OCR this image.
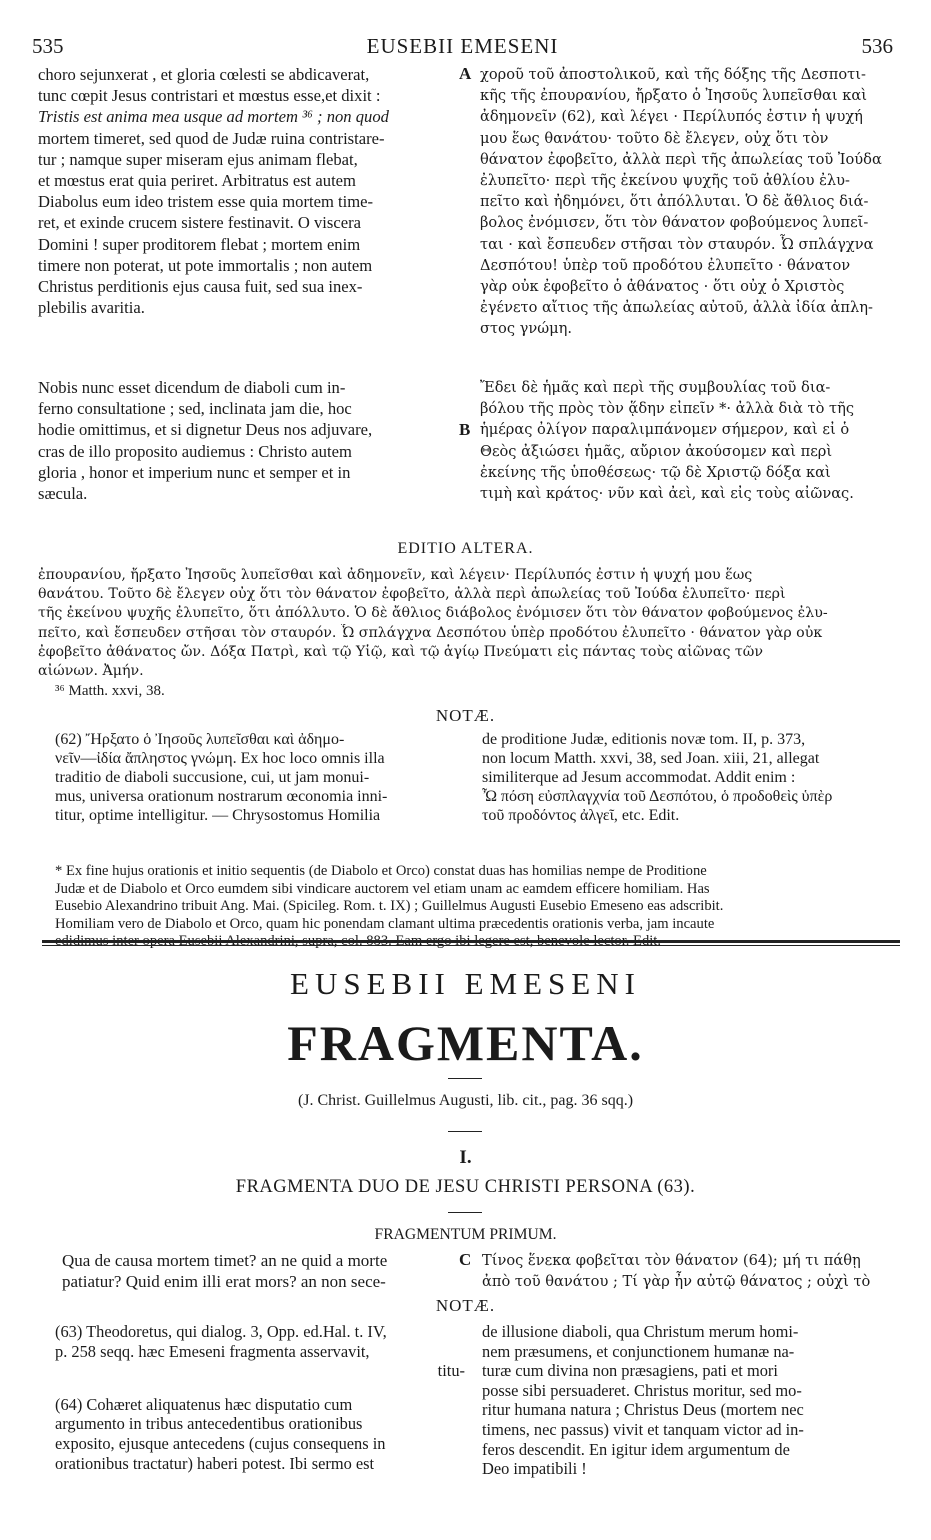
535	EUSEBII EMESENI	536
choro sejunxerat , et gloria cœlesti se abdicaverat,
tunc cœpit Jesus contristari et mœstus esse,et dixit :
Tristis est anima mea usque ad mortem ³⁶ ; non quod
mortem timeret, sed quod de Judæ ruina contristare-
tur ; namque super miseram ejus animam flebat,
et mœstus erat quia periret. Arbitratus est autem
Diabolus eum ideo tristem esse quia mortem time-
ret, et exinde crucem sistere festinavit. O viscera
Domini ! super proditorem flebat ; mortem enim
timere non poterat, ut pote immortalis ; non autem
Christus perditionis ejus causa fuit, sed sua inex-
plebilis avaritia.
A χοροῦ τοῦ ἀποστολικοῦ, καὶ τῆς δόξης τῆς Δεσποτι-
κῆς τῆς ἐπουρανίου, ἤρξατο ὁ Ἰησοῦς λυπεῖσθαι καὶ
ἀδημονεῖν (62), καὶ λέγει · Περίλυπός ἐστιν ἡ ψυχή
μου ἕως θανάτου· τοῦτο δὲ ἔλεγεν, οὐχ ὅτι τὸν
θάνατον ἐφοβεῖτο, ἀλλὰ περὶ τῆς ἀπωλείας τοῦ Ἰούδα
ἐλυπεῖτο· περὶ τῆς ἐκείνου ψυχῆς τοῦ ἀθλίου ἐλυ-
πεῖτο καὶ ἠδημόνει, ὅτι ἀπόλλυται. Ὁ δὲ ἄθλιος διά-
βολος ἐνόμισεν, ὅτι τὸν θάνατον φοβούμενος λυπεῖ-
ται · καὶ ἔσπευδεν στῆσαι τὸν σταυρόν. Ὦ σπλάγχνα
Δεσπότου! ὑπὲρ τοῦ προδότου ἐλυπεῖτο · θάνατον
γὰρ οὐκ ἐφοβεῖτο ὁ ἀθάνατος · ὅτι οὐχ ὁ Χριστὸς
ἐγένετο αἴτιος τῆς ἀπωλείας αὐτοῦ, ἀλλὰ ἰδία ἀπλη-
στος γνώμη.
Nobis nunc esset dicendum de diaboli cum in-
ferno consultatione ; sed, inclinata jam die, hoc
hodie omittimus, et si dignetur Deus nos adjuvare,
cras de illo proposito audiemus : Christo autem
gloria , honor et imperium nunc et semper et in
sæcula.
B
Ἔδει δὲ ἡμᾶς καὶ περὶ τῆς συμβουλίας τοῦ δια-
βόλου τῆς πρὸς τὸν ᾅδην εἰπεῖν *· ἀλλὰ διὰ τὸ τῆς
ἡμέρας ὀλίγον παραλιμπάνομεν σήμερον, καὶ εἰ ὁ
Θεὸς ἀξιώσει ἡμᾶς, αὔριον ἀκούσομεν καὶ περὶ
ἐκείνης τῆς ὑποθέσεως· τῷ δὲ Χριστῷ δόξα καὶ
τιμὴ καὶ κράτος· νῦν καὶ ἀεὶ, καὶ εἰς τοὺς αἰῶνας.
EDITIO ALTERA.
ἐπουρανίου, ἤρξατο Ἰησοῦς λυπεῖσθαι καὶ ἀδημονεῖν, καὶ λέγειν· Περίλυπός ἐστιν ἡ ψυχή μου ἕως
θανάτου. Τοῦτο δὲ ἔλεγεν οὐχ ὅτι τὸν θάνατον ἐφοβεῖτο, ἀλλὰ περὶ ἀπωλείας τοῦ Ἰούδα ἐλυπεῖτο· περὶ
τῆς ἐκείνου ψυχῆς ἐλυπεῖτο, ὅτι ἀπόλλυτο. Ὁ δὲ ἄθλιος διάβολος ἐνόμισεν ὅτι τὸν θάνατον φοβούμενος ἐλυ-
πεῖτο, καὶ ἔσπευδεν στῆσαι τὸν σταυρόν. Ὦ σπλάγχνα Δεσπότου ὑπὲρ προδότου ἐλυπεῖτο · θάνατον γὰρ οὐκ
ἐφοβεῖτο ἀθάνατος ὤν. Δόξα Πατρὶ, καὶ τῷ Υἱῷ, καὶ τῷ ἁγίῳ Πνεύματι εἰς πάντας τοὺς αἰῶνας τῶν
αἰώνων. Ἀμήν.
³⁶ Matth. xxvi, 38.
NOTÆ.
(62) Ἤρξατο ὁ Ἰησοῦς λυπεῖσθαι καὶ ἀδημο-
νεῖν—ἰδία ἄπληστος γνώμη. Ex hoc loco omnis illa
traditio de diaboli succusione, cui, ut jam monui-
mus, universa orationum nostrarum œconomia inni-
titur, optime intelligitur. — Chrysostomus Homilia
de proditione Judæ, editionis novæ tom. II, p. 373,
non locum Matth. xxvi, 38, sed Joan. xiii, 21, allegat
similiterque ad Jesum accommodat. Addit enim :
Ὦ πόση εὐσπλαγχνία τοῦ Δεσπότου, ὁ προδοθεὶς ὑπὲρ
τοῦ προδόντος ἀλγεῖ, etc. Edit.
* Ex fine hujus orationis et initio sequentis (de Diabolo et Orco) constat duas has homilias nempe de Proditione
Judæ et de Diabolo et Orco eumdem sibi vindicare auctorem vel etiam unam ac eamdem efficere homiliam. Has
Eusebio Alexandrino tribuit Ang. Mai. (Spicileg. Rom. t. IX) ; Guillelmus Augusti Eusebio Emeseno eas adscribit.
Homiliam vero de Diabolo et Orco, quam hic ponendam clamant ultima præcedentis orationis verba, jam incaute
EUSEBII EMESENI
FRAGMENTA.
(J. Christ. Guillelmus Augusti, lib. cit., pag. 36 sqq.)
I.
FRAGMENTA DUO DE JESU CHRISTI PERSONA (63).
FRAGMENTUM PRIMUM.
Qua de causa mortem timet? an ne quid a morte
patiatur? Quid enim illi erat mors? an non sece-
C Τίνος ἕνεκα φοβεῖται τὸν θάνατον (64); μή τι πάθῃ
ἀπὸ τοῦ θανάτου ; Τί γὰρ ἦν αὐτῷ θάνατος ; οὐχὶ τὸ
NOTÆ.
(63) Theodoretus, qui dialog. 3, Opp. ed.Hal. t. IV,
p. 258 seqq. hæc Emeseni fragmenta asservavit,
titu-
(64) Cohæret aliquatenus hæc disputatio cum
argumento in tribus antecedentibus orationibus
exposito, ejusque antecedens (cujus consequens in
orationibus tractatur) haberi potest. Ibi sermo est
de illusione diaboli, qua Christum merum homi-
nem præsumens, et conjunctionem humanæ na-
turæ cum divina non præsagiens, pati et mori
posse sibi persuaderet. Christus moritur, sed mo-
ritur humana natura ; Christus Deus (mortem nec
timens, nec passus) vivit et tanquam victor ad in-
feros descendit. En igitur idem argumentum de
Deo impatibili !
